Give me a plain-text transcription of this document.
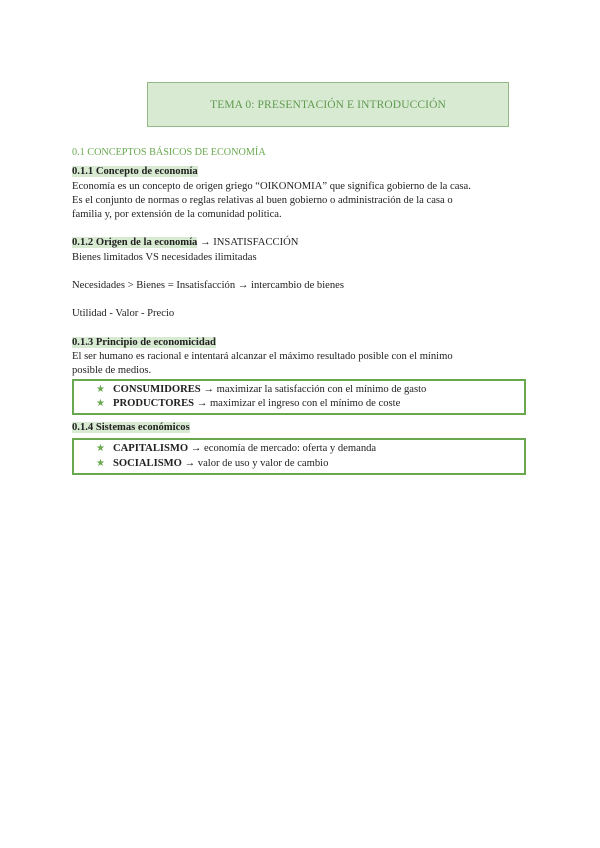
TEMA 0: PRESENTACIÓN E INTRODUCCIÓN
0.1 CONCEPTOS BÁSICOS DE ECONOMÍA
0.1.1 Concepto de economía

Economía es un concepto de origen griego “OIKONOMIA” que significa gobierno de la casa.

Es el conjunto de normas o reglas relativas al buen gobierno o administración de la casa o

familia y, por extensión de la comunidad política.

0.1.2 Origen de la economía → INSATISFACCIÓN

Bienes limitados VS necesidades ilimitadas

Necesidades > Bienes = Insatisfacción → intercambio de bienes

Utilidad - Valor - Precio

0.1.3 Principio de economicidad

El ser humano es racional e intentará alcanzar el máximo resultado posible con el mínimo

posible de medios.

★ CONSUMIDORES → maximizar la satisfacción con el mínimo de gasto
★ PRODUCTORES → maximizar el ingreso con el mínimo de coste
0.1.4 Sistemas económicos
★ CAPITALISMO → economía de mercado: oferta y demanda
★ SOCIALISMO → valor de uso y valor de cambio
